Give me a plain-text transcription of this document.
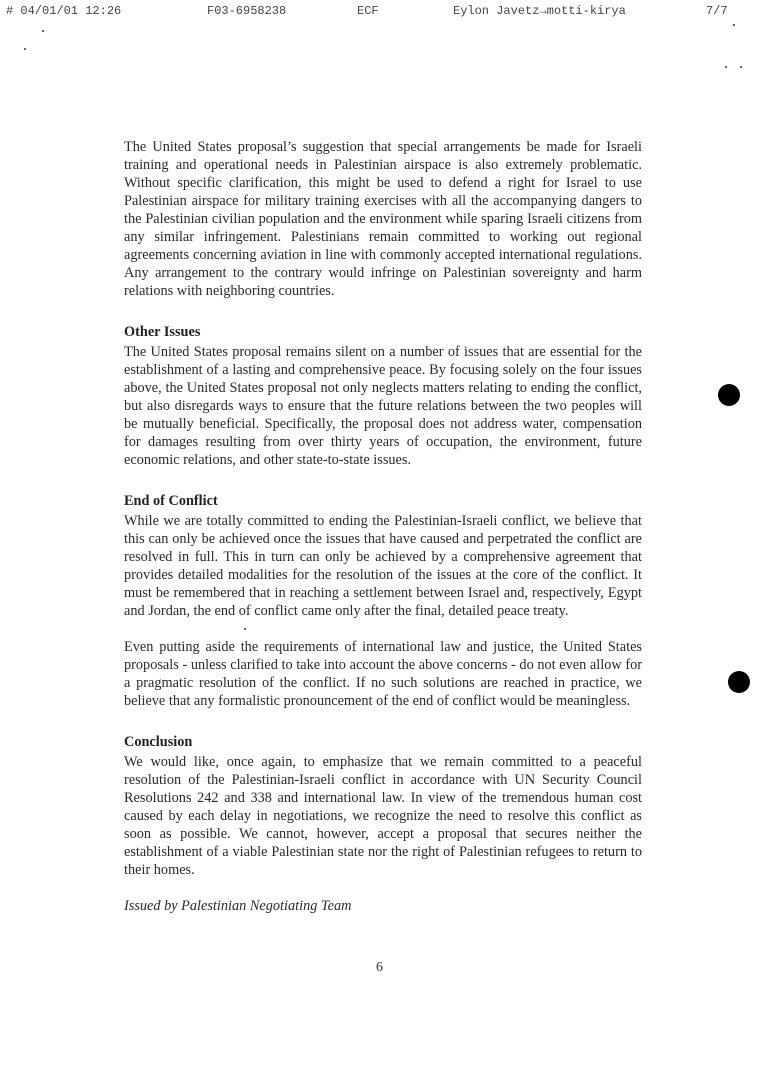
# 04/01/01 12:26	F03-6958238	ECF	Eylon Javetz→motti-kirya	7/7

The United States proposal’s suggestion that special arrangements be made for Israeli training and operational needs in Palestinian airspace is also extremely problematic. Without specific clarification, this might be used to defend a right for Israel to use Palestinian airspace for military training exercises with all the accompanying dangers to the Palestinian civilian population and the environment while sparing Israeli citizens from any similar infringement. Palestinians remain committed to working out regional agreements concerning aviation in line with commonly accepted international regulations. Any arrangement to the contrary would infringe on Palestinian sovereignty and harm relations with neighboring countries.

Other Issues

The United States proposal remains silent on a number of issues that are essential for the establishment of a lasting and comprehensive peace. By focusing solely on the four issues above, the United States proposal not only neglects matters relating to ending the conflict, but also disregards ways to ensure that the future relations between the two peoples will be mutually beneficial. Specifically, the proposal does not address water, compensation for damages resulting from over thirty years of occupation, the environment, future economic relations, and other state-to-state issues.

End of Conflict

While we are totally committed to ending the Palestinian-Israeli conflict, we believe that this can only be achieved once the issues that have caused and perpetrated the conflict are resolved in full. This in turn can only be achieved by a comprehensive agreement that provides detailed modalities for the resolution of the issues at the core of the conflict. It must be remembered that in reaching a settlement between Israel and, respectively, Egypt and Jordan, the end of conflict came only after the final, detailed peace treaty.

Even putting aside the requirements of international law and justice, the United States proposals - unless clarified to take into account the above concerns - do not even allow for a pragmatic resolution of the conflict. If no such solutions are reached in practice, we believe that any formalistic pronouncement of the end of conflict would be meaningless.

Conclusion

We would like, once again, to emphasize that we remain committed to a peaceful resolution of the Palestinian-Israeli conflict in accordance with UN Security Council Resolutions 242 and 338 and international law. In view of the tremendous human cost caused by each delay in negotiations, we recognize the need to resolve this conflict as soon as possible. We cannot, however, accept a proposal that secures neither the establishment of a viable Palestinian state nor the right of Palestinian refugees to return to their homes.

Issued by Palestinian Negotiating Team

6
